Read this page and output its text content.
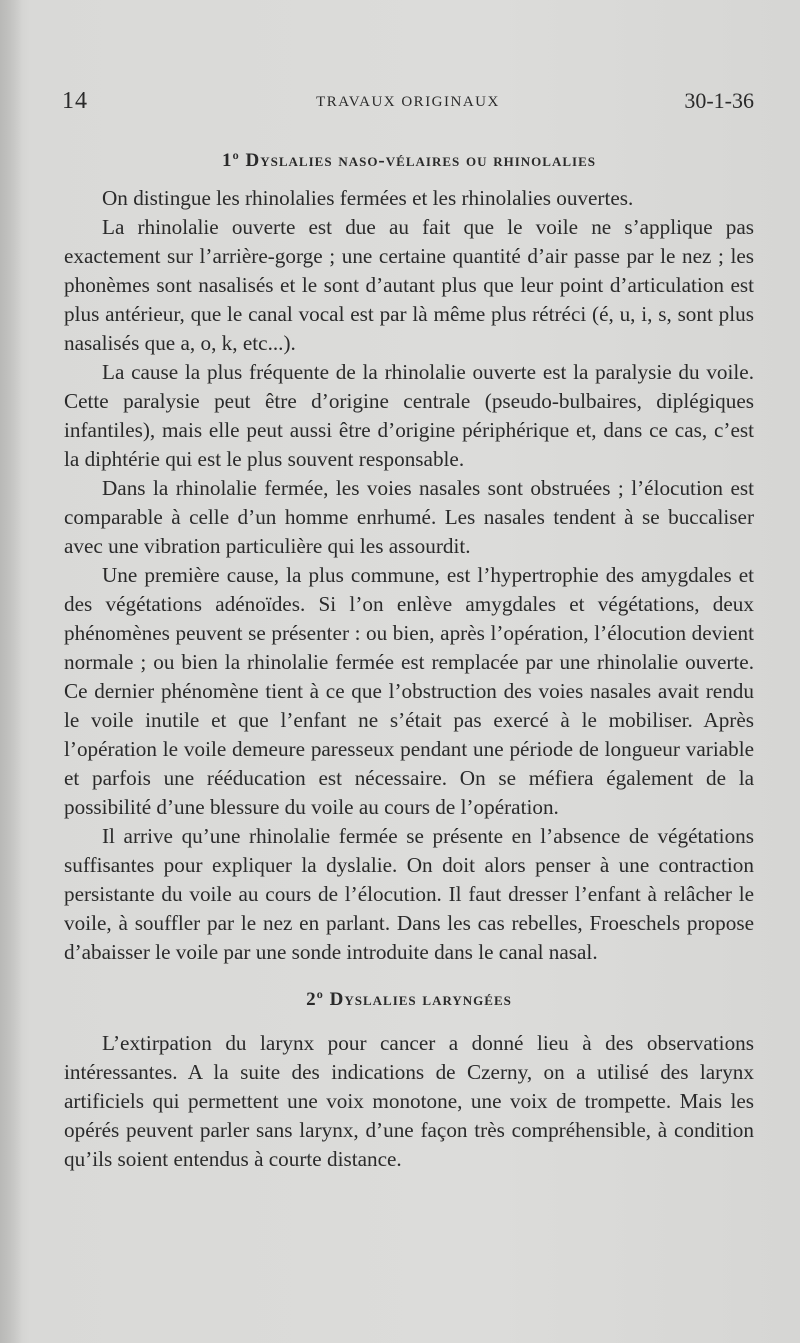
14	TRAVAUX ORIGINAUX	30-1-36
1º Dyslalies naso-vélaires ou rhinolalies

On distingue les rhinolalies fermées et les rhinolalies ouvertes.

La rhinolalie ouverte est due au fait que le voile ne s’applique pas exactement sur l’arrière-gorge ; une certaine quantité d’air passe par le nez ; les phonèmes sont nasalisés et le sont d’autant plus que leur point d’articulation est plus antérieur, que le canal vocal est par là même plus rétréci (é, u, i, s, sont plus nasalisés que a, o, k, etc...).

La cause la plus fréquente de la rhinolalie ouverte est la paralysie du voile. Cette paralysie peut être d’origine centrale (pseudo-bulbaires, diplégiques infantiles), mais elle peut aussi être d’origine périphérique et, dans ce cas, c’est la diphtérie qui est le plus souvent responsable.

Dans la rhinolalie fermée, les voies nasales sont obstruées ; l’élocution est comparable à celle d’un homme enrhumé. Les nasales tendent à se buccaliser avec une vibration particulière qui les assourdit.

Une première cause, la plus commune, est l’hypertrophie des amygdales et des végétations adénoïdes. Si l’on enlève amygdales et végétations, deux phénomènes peuvent se présenter : ou bien, après l’opération, l’élocution devient normale ; ou bien la rhinolalie fermée est remplacée par une rhinolalie ouverte. Ce dernier phénomène tient à ce que l’obstruction des voies nasales avait rendu le voile inutile et que l’enfant ne s’était pas exercé à le mobiliser. Après l’opération le voile demeure paresseux pendant une période de longueur variable et parfois une rééducation est nécessaire. On se méfiera également de la possibilité d’une blessure du voile au cours de l’opération.

Il arrive qu’une rhinolalie fermée se présente en l’absence de végétations suffisantes pour expliquer la dyslalie. On doit alors penser à une contraction persistante du voile au cours de l’élocution. Il faut dresser l’enfant à relâcher le voile, à souffler par le nez en parlant. Dans les cas rebelles, Froeschels propose d’abaisser le voile par une sonde introduite dans le canal nasal.

2º Dyslalies laryngées

L’extirpation du larynx pour cancer a donné lieu à des observations intéressantes. A la suite des indications de Czerny, on a utilisé des larynx artificiels qui permettent une voix monotone, une voix de trompette. Mais les opérés peuvent parler sans larynx, d’une façon très compréhensible, à condition qu’ils soient entendus à courte distance.
